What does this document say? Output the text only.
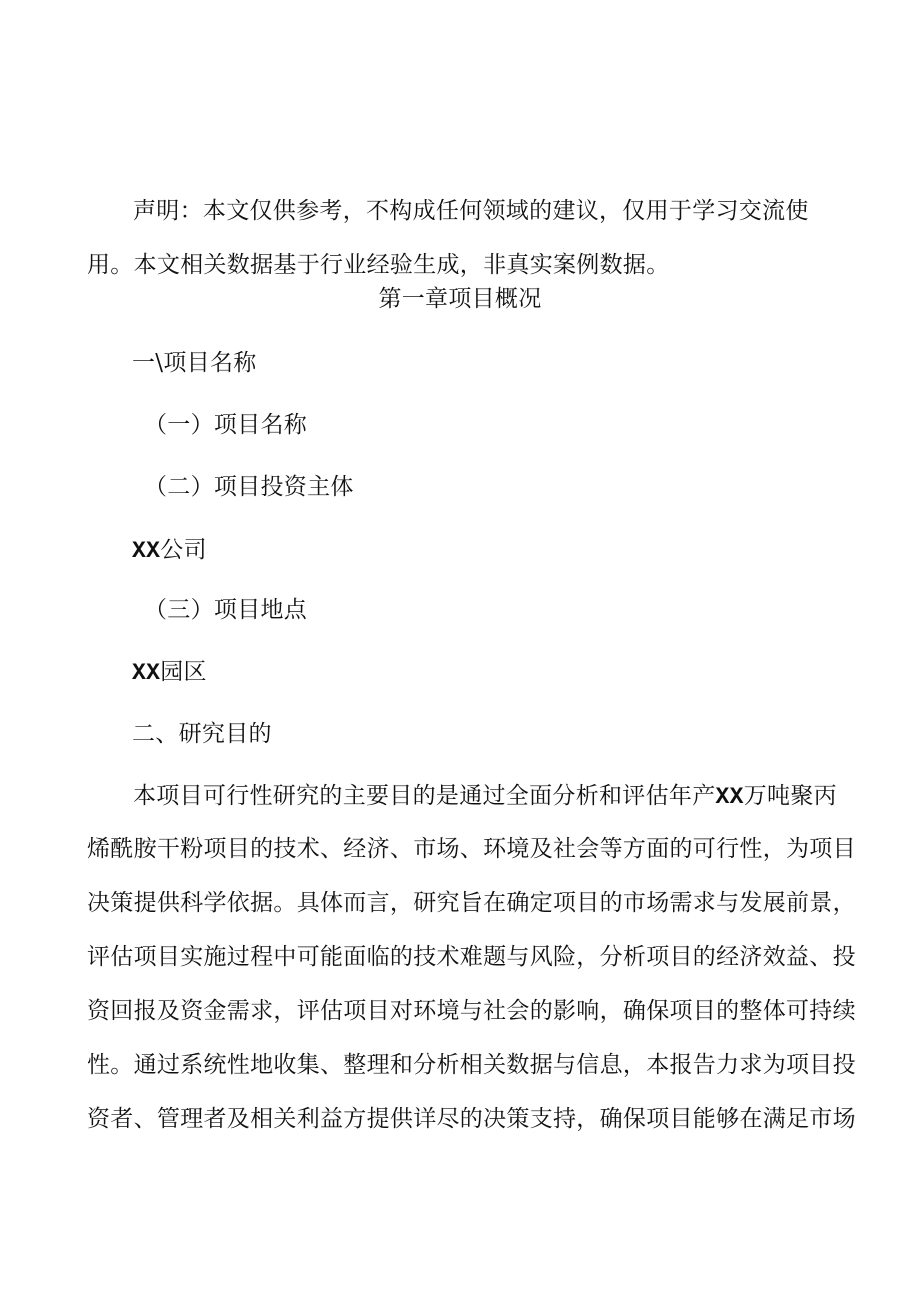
声明：本文仅供参考，不构成任何领域的建议，仅用于学习交流使
用。本文相关数据基于行业经验生成，非真实案例数据。
第一章项目概况
一\项目名称
（一）项目名称
（二）项目投资主体
XX公司
（三）项目地点
XX园区
二、研究目的
本项目可行性研究的主要目的是通过全面分析和评估年产XX万吨聚丙
烯酰胺干粉项目的技术、经济、市场、环境及社会等方面的可行性，为项目
决策提供科学依据。具体而言，研究旨在确定项目的市场需求与发展前景，
评估项目实施过程中可能面临的技术难题与风险，分析项目的经济效益、投
资回报及资金需求，评估项目对环境与社会的影响，确保项目的整体可持续
性。通过系统性地收集、整理和分析相关数据与信息，本报告力求为项目投
资者、管理者及相关利益方提供详尽的决策支持，确保项目能够在满足市场
